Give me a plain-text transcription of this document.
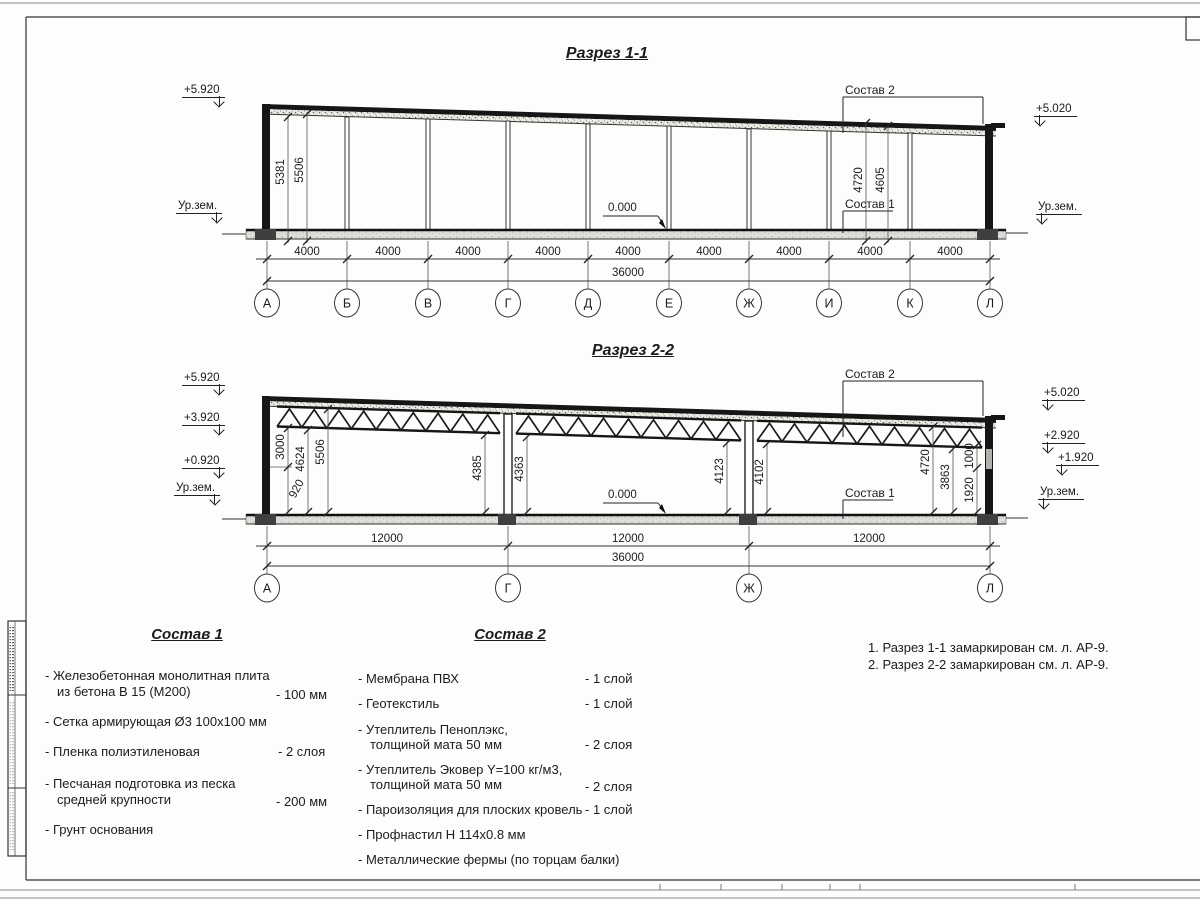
Разрез 1-1
+5.920
Ур.зем.
+5.020
Ур.зем.
0.000
Состав 2
Состав 1
5381 5506	4720 4605
4000	4000	4000	4000	4000	4000	4000	4000	4000
36000
А	Б	В	Г	Д	Е	Ж	И	К	Л
Разрез 2-2
+5.920
+3.920
+0.920
Ур.зем.
+5.020
+2.920
+1.920
Ур.зем.
0.000
Состав 2
Состав 1
3000
920
4624 5506
4385	4363	4123 4102	4720
3863
1000
1920
12000	12000	12000
36000
А	Г	Ж	Л
Состав 1
- Железобетонная монолитная плита
из бетона В 15 (М200)	- 100 мм
- Сетка армирующая Ø3 100x100 мм
- Пленка полиэтиленовая	- 2 слоя
- Песчаная подготовка из песка
средней крупности	- 200 мм
- Грунт основания
Состав 2
- Мембрана ПВХ	- 1 слой
- Геотекстиль	- 1 слой
- Утеплитель Пеноплэкс,
толщиной мата 50 мм	- 2 слоя
- Утеплитель Эковер Y=100 кг/м3,
толщиной мата 50 мм	- 2 слоя
- Пароизоляция для плоских кровель - 1 слой
- Профнастил Н 114x0.8 мм
- Металлические фермы (по торцам балки)
1. Разрез 1-1 замаркирован см. л. АР-9.
2. Разрез 2-2 замаркирован см. л. АР-9.
